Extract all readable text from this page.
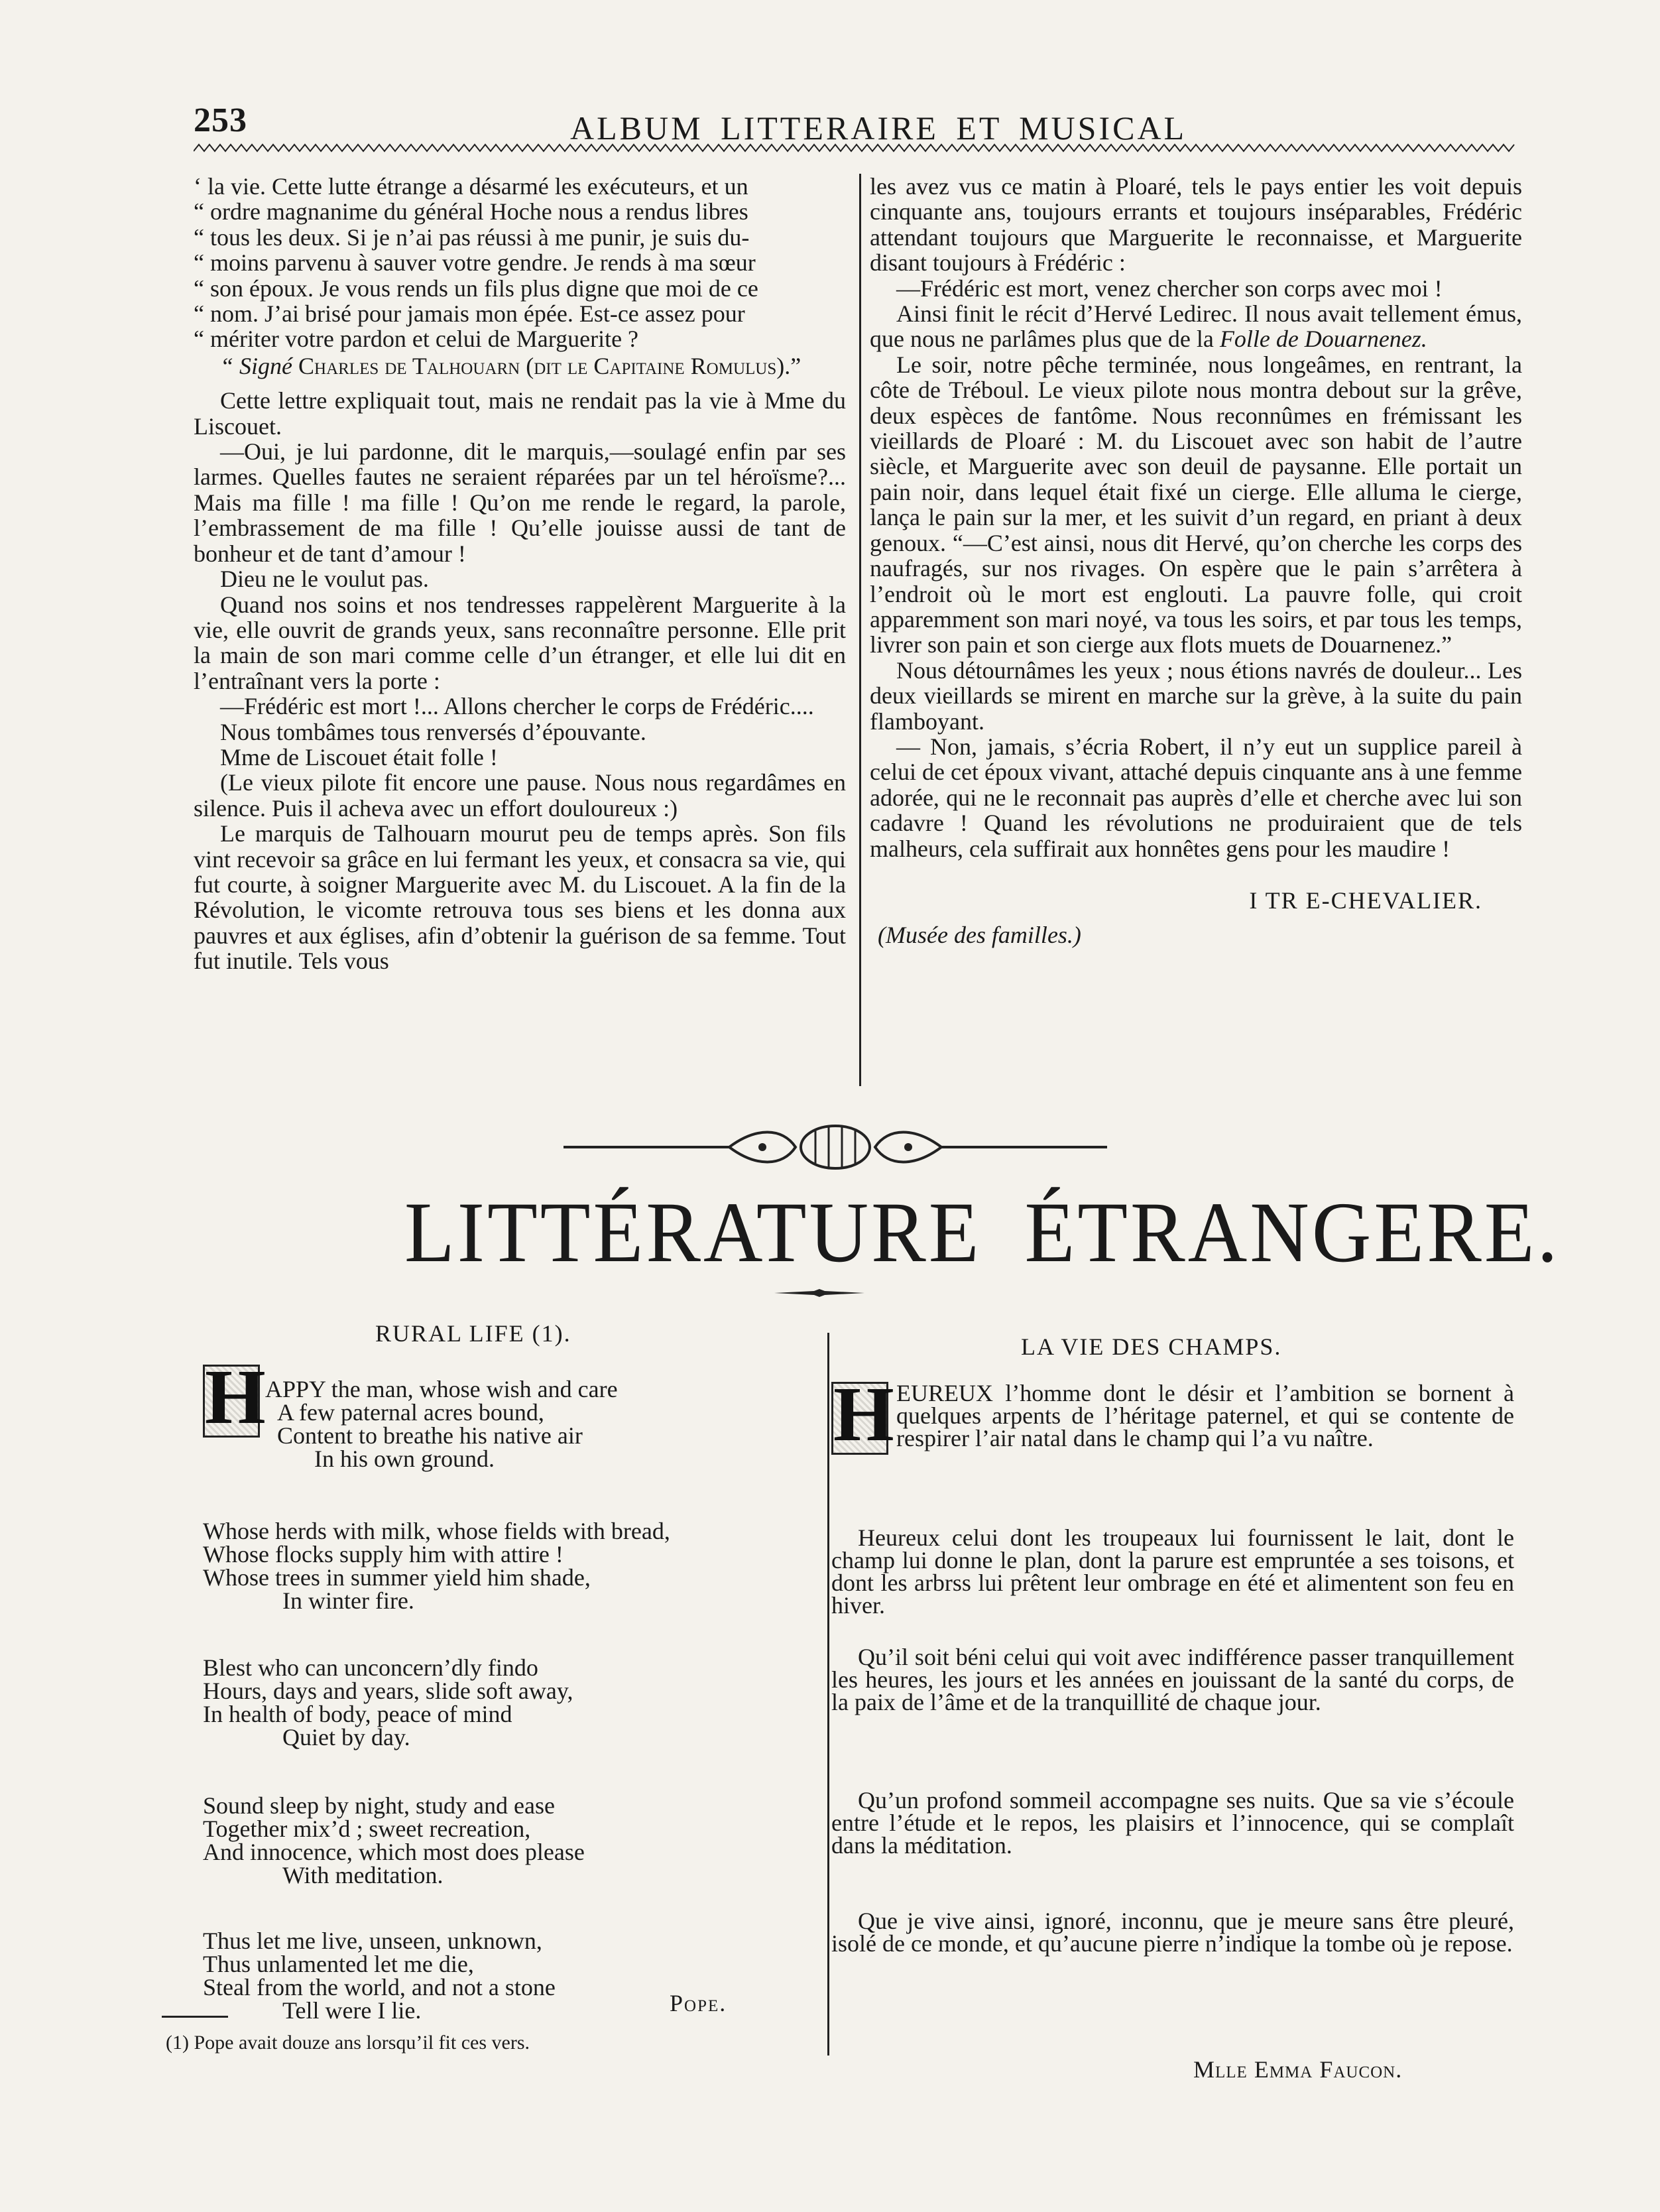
253	ALBUM LITTERAIRE ET MUSICAL

‘ la vie. Cette lutte étrange a désarmé les exécuteurs, et un

“ ordre magnanime du général Hoche nous a rendus libres

“ tous les deux. Si je n’ai pas réussi à me punir, je suis du-

“ moins parvenu à sauver votre gendre. Je rends à ma sœur

“ son époux. Je vous rends un fils plus digne que moi de ce

“ nom. J’ai brisé pour jamais mon épée. Est-ce assez pour

“ mériter votre pardon et celui de Marguerite ?

“ Signé Charles de Talhouarn (dit le Capitaine Romulus).”

Cette lettre expliquait tout, mais ne rendait pas la vie à Mme du Liscouet.

—Oui, je lui pardonne, dit le marquis,—soulagé enfin par ses larmes. Quelles fautes ne seraient réparées par un tel héroïsme?... Mais ma fille ! ma fille ! Qu’on me rende le regard, la parole, l’embrassement de ma fille ! Qu’elle jouisse aussi de tant de bonheur et de tant d’amour !

Dieu ne le voulut pas.

Quand nos soins et nos tendresses rappelèrent Marguerite à la vie, elle ouvrit de grands yeux, sans reconnaître personne. Elle prit la main de son mari comme celle d’un étranger, et elle lui dit en l’entraînant vers la porte :

—Frédéric est mort !... Allons chercher le corps de Frédéric....

Nous tombâmes tous renversés d’épouvante.

Mme de Liscouet était folle !

(Le vieux pilote fit encore une pause. Nous nous regardâmes en silence. Puis il acheva avec un effort douloureux :)

Le marquis de Talhouarn mourut peu de temps après. Son fils vint recevoir sa grâce en lui fermant les yeux, et consacra sa vie, qui fut courte, à soigner Marguerite avec M. du Liscouet. A la fin de la Révolution, le vicomte retrouva tous ses biens et les donna aux pauvres et aux églises, afin d’obtenir la guérison de sa femme. Tout fut inutile. Tels vous

les avez vus ce matin à Ploaré, tels le pays entier les voit depuis cinquante ans, toujours errants et toujours inséparables, Frédéric attendant toujours que Marguerite le reconnaisse, et Marguerite disant toujours à Frédéric :

—Frédéric est mort, venez chercher son corps avec moi !

Ainsi finit le récit d’Hervé Ledirec. Il nous avait tellement émus, que nous ne parlâmes plus que de la Folle de Douarnenez.

Le soir, notre pêche terminée, nous longeâmes, en rentrant, la côte de Tréboul. Le vieux pilote nous montra debout sur la grêve, deux espèces de fantôme. Nous reconnûmes en frémissant les vieillards de Ploaré : M. du Liscouet avec son habit de l’autre siècle, et Marguerite avec son deuil de paysanne. Elle portait un pain noir, dans lequel était fixé un cierge. Elle alluma le cierge, lança le pain sur la mer, et les suivit d’un regard, en priant à deux genoux. “—C’est ainsi, nous dit Hervé, qu’on cherche les corps des naufragés, sur nos rivages. On espère que le pain s’arrêtera à l’endroit où le mort est englouti. La pauvre folle, qui croit apparemment son mari noyé, va tous les soirs, et par tous les temps, livrer son pain et son cierge aux flots muets de Douarnenez.”

Nous détournâmes les yeux ; nous étions navrés de douleur... Les deux vieillards se mirent en marche sur la grève, à la suite du pain flamboyant.

— Non, jamais, s’écria Robert, il n’y eut un supplice pareil à celui de cet époux vivant, attaché depuis cinquante ans à une femme adorée, qui ne le reconnait pas auprès d’elle et cherche avec lui son cadavre ! Quand les révolutions ne produiraient que de tels malheurs, cela suffirait aux honnêtes gens pour les maudire !

I TR E-CHEVALIER.
(Musée des familles.)
LITTÉRATURE ÉTRANGERE.
RURAL LIFE (1).
H APPY the man, whose wish and care
A few paternal acres bound,
Content to breathe his native air
In his own ground.
Whose herds with milk, whose fields with bread,
Whose flocks supply him with attire !
Whose trees in summer yield him shade,
In winter fire.
Blest who can unconcern’dly findo
Hours, days and years, slide soft away,
In health of body, peace of mind
Quiet by day.
Sound sleep by night, study and ease
Together mix’d ; sweet recreation,
And innocence, which most does please
With meditation.
Thus let me live, unseen, unknown,
Thus unlamented let me die,
Steal from the world, and not a stone
Tell were I lie.	Pope.
(1) Pope avait douze ans lorsqu’il fit ces vers.
LA VIE DES CHAMPS.
H EUREUX l’homme dont le désir et l’ambition se bornent à quelques arpents de l’héritage paternel, et qui se contente de respirer l’air natal dans le champ qui l’a vu naître.
Heureux celui dont les troupeaux lui fournissent le lait, dont le champ lui donne le plan, dont la parure est empruntée a ses toisons, et dont les arbrss lui prêtent leur ombrage en été et alimentent son feu en hiver.
Qu’il soit béni celui qui voit avec indifférence passer tranquillement les heures, les jours et les années en jouissant de la santé du corps, de la paix de l’âme et de la tranquillité de chaque jour.
Qu’un profond sommeil accompagne ses nuits. Que sa vie s’écoule entre l’étude et le repos, les plaisirs et l’innocence, qui se complaît dans la méditation.
Que je vive ainsi, ignoré, inconnu, que je meure sans être pleuré, isolé de ce monde, et qu’aucune pierre n’indique la tombe où je repose.
Mlle Emma Faucon.
